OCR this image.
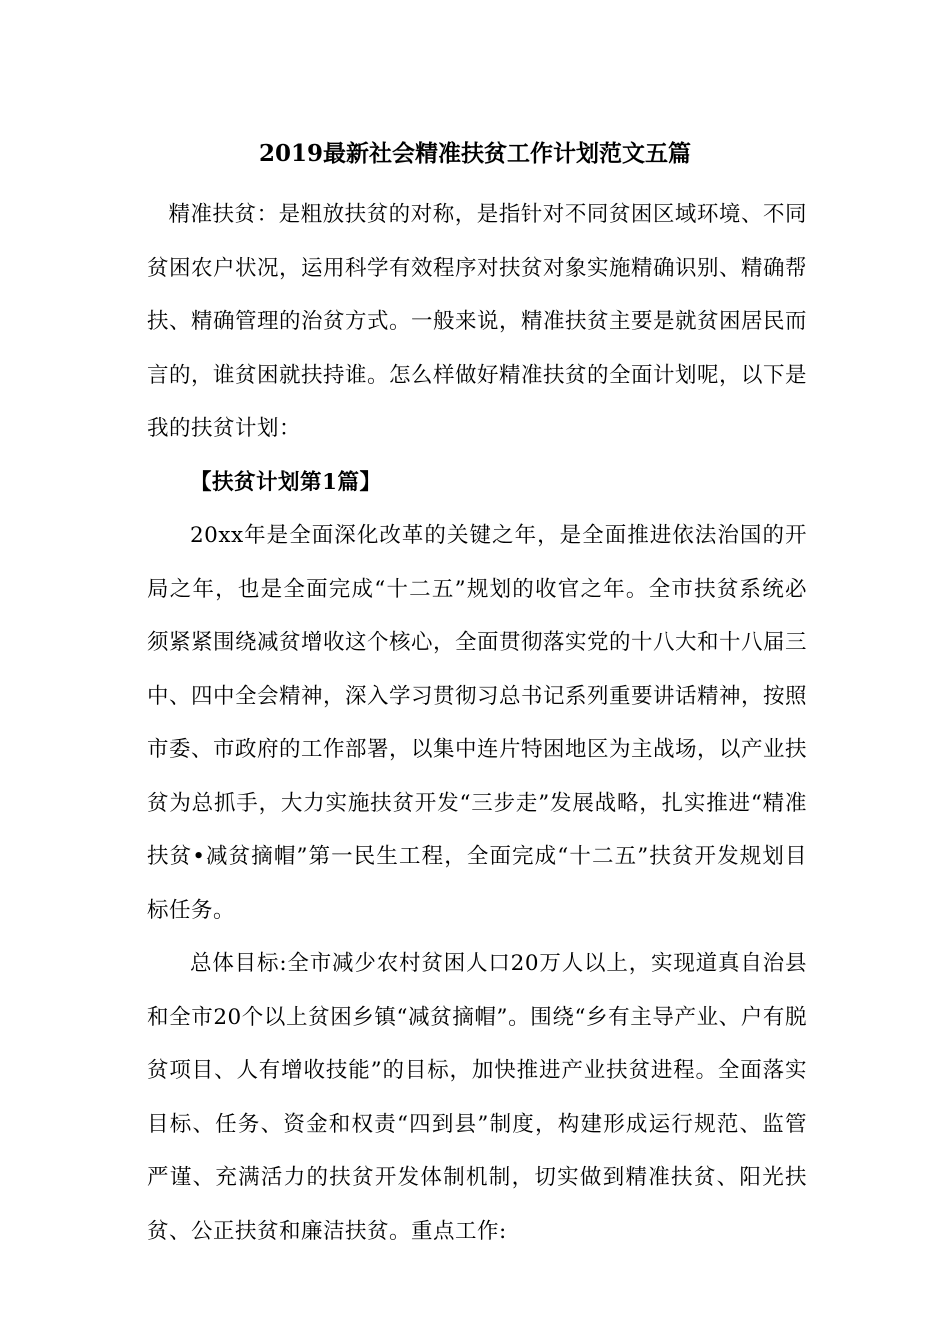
2019最新社会精准扶贫工作计划范文五篇

精准扶贫：是粗放扶贫的对称，是指针对不同贫困区域环境、不同贫困农户状况，运用科学有效程序对扶贫对象实施精确识别、精确帮扶、精确管理的治贫方式。一般来说，精准扶贫主要是就贫困居民而言的，谁贫困就扶持谁。怎么样做好精准扶贫的全面计划呢，以下是我的扶贫计划：

【扶贫计划第1篇】

20xx年是全面深化改革的关键之年，是全面推进依法治国的开局之年，也是全面完成“十二五”规划的收官之年。全市扶贫系统必须紧紧围绕减贫增收这个核心，全面贯彻落实党的十八大和十八届三中、四中全会精神，深入学习贯彻习总书记系列重要讲话精神，按照市委、市政府的工作部署，以集中连片特困地区为主战场，以产业扶贫为总抓手，大力实施扶贫开发“三步走”发展战略，扎实推进“精准扶贫•减贫摘帽”第一民生工程，全面完成“十二五”扶贫开发规划目标任务。

总体目标:全市减少农村贫困人口20万人以上，实现道真自治县和全市20个以上贫困乡镇“减贫摘帽”。围绕“乡有主导产业、户有脱贫项目、人有增收技能”的目标，加快推进产业扶贫进程。全面落实目标、任务、资金和权责“四到县”制度，构建形成运行规范、监管严谨、充满活力的扶贫开发体制机制，切实做到精准扶贫、阳光扶贫、公正扶贫和廉洁扶贫。重点工作:
